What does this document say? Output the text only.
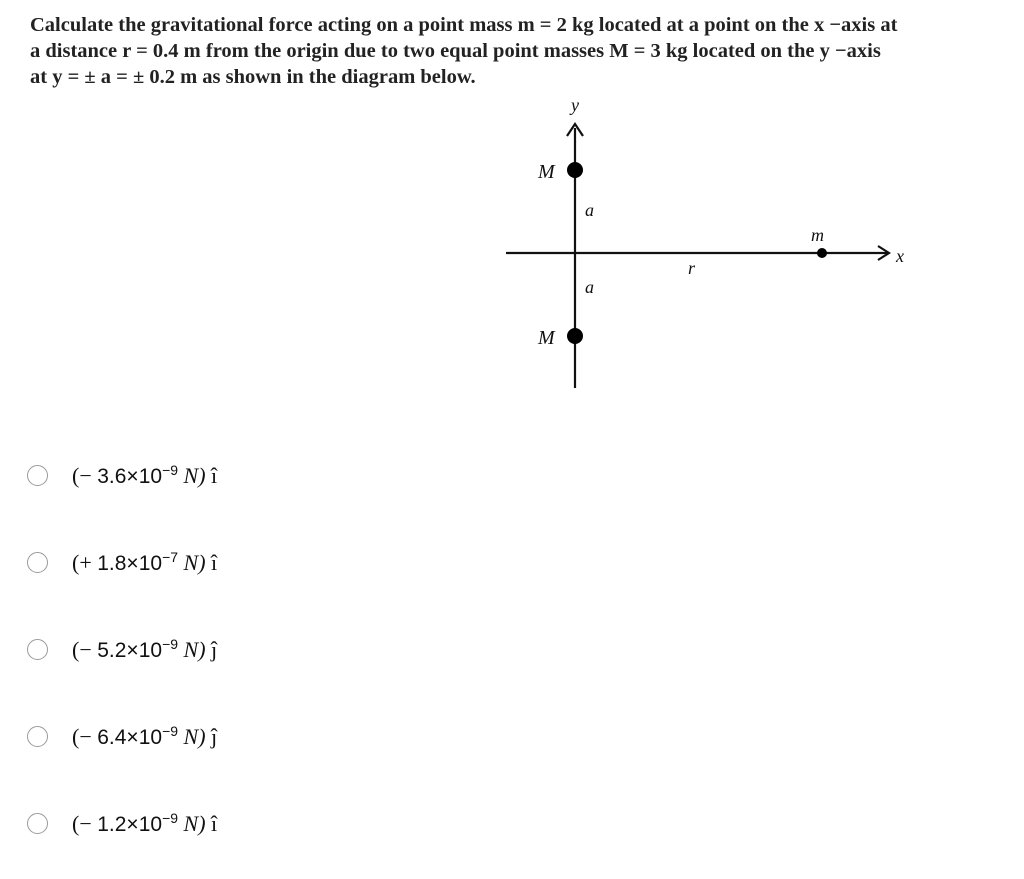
Calculate the gravitational force acting on a point mass m = 2 kg located at a point on the x −axis at
a distance r = 0.4 m from the origin due to two equal point masses M = 3 kg located on the y −axis
at y = ± a = ± 0.2 m as shown in the diagram below.
y
x
M
M
m
a
a
r
(− $3.6\times 10^{-9}$ N) î
(+ $1.8\times 10^{-7}$ N) î
(− $5.2\times 10^{-9}$ N) ĵ
(− $6.4\times 10^{-9}$ N) ĵ
(− $1.2\times 10^{-9}$ N) î
